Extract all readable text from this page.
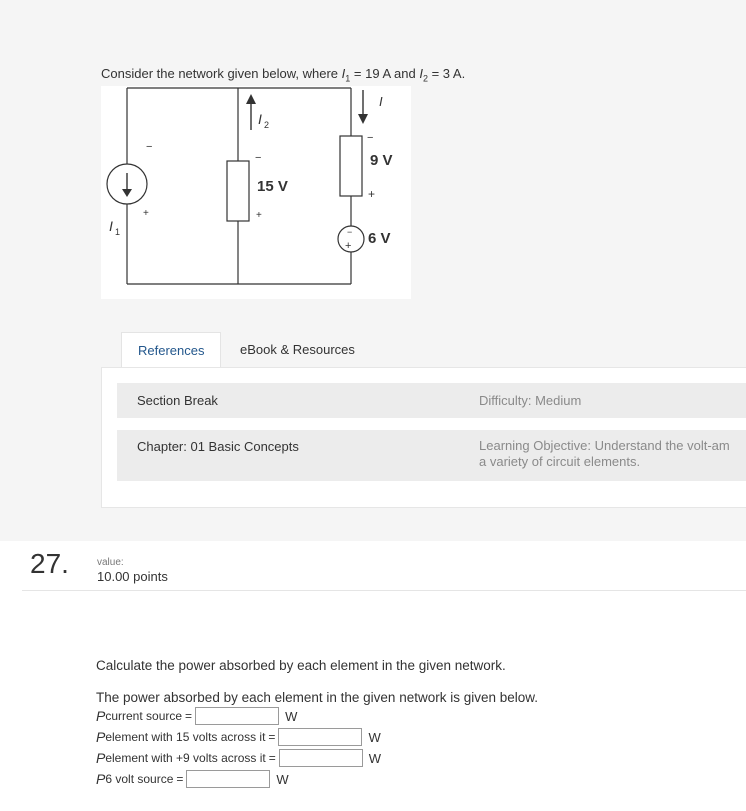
Consider the network given below, where $I_1 = 19$ A and $I_2 = 3$ A.
−
+
I 1
I 2
I
−
+
15 V
−
+
9 V
−
+ 6 V
References	eBook & Resources
Section Break	Difficulty: Medium
Chapter: 01 Basic Concepts	Learning Objective: Understand the volt-am
a variety of circuit elements.
27.	value:
10.00 points
Calculate the power absorbed by each element in the given network.
The power absorbed by each element in the given network is given below.
P current source =	W
P element with 15 volts across it =	W
P element with +9 volts across it =	W
P 6 volt source =	W
